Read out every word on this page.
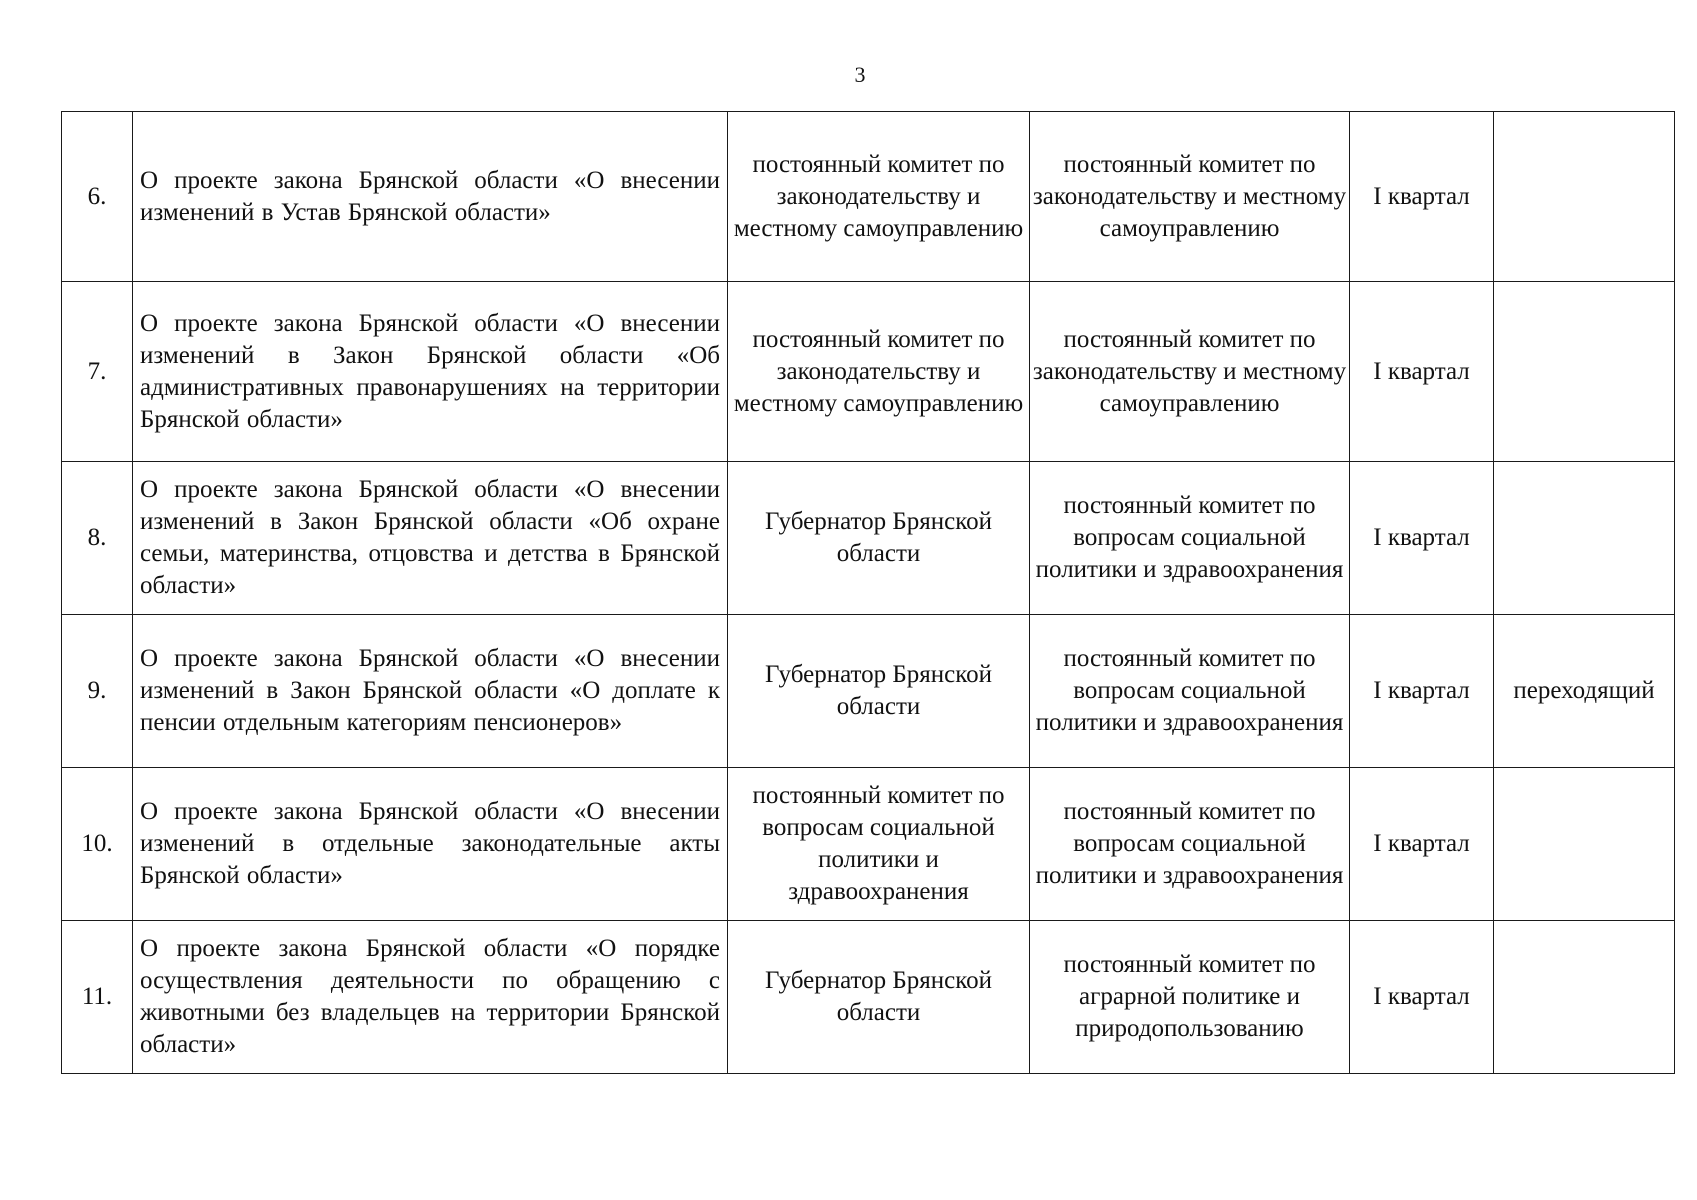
3
6.	О проекте закона Брянской области «О внесении изменений в Устав Брянской области»	постоянный комитет по законодательству и местному самоуправлению	постоянный комитет по законодательству и местному самоуправлению	I квартал	
7.	О проекте закона Брянской области «О внесении изменений в Закон Брянской области «Об административных правонарушениях на территории Брянской области»	постоянный комитет по законодательству и местному самоуправлению	постоянный комитет по законодательству и местному самоуправлению	I квартал	
8.	О проекте закона Брянской области «О внесении изменений в Закон Брянской области «Об охране семьи, материнства, отцовства и детства в Брянской области»	Губернатор Брянской области	постоянный комитет по вопросам социальной политики и здравоохранения	I квартал	
9.	О проекте закона Брянской области «О внесении изменений в Закон Брянской области «О доплате к пенсии отдельным категориям пенсионеров»	Губернатор Брянской области	постоянный комитет по вопросам социальной политики и здравоохранения	I квартал	переходящий
10.	О проекте закона Брянской области «О внесении изменений в отдельные законодательные акты Брянской области»	постоянный комитет по вопросам социальной политики и здравоохранения	постоянный комитет по вопросам социальной политики и здравоохранения	I квартал	
11.	О проекте закона Брянской области «О порядке осуществления деятельности по обращению с животными без владельцев на территории Брянской области»	Губернатор Брянской области	постоянный комитет по аграрной политике и природопользованию	I квартал	
